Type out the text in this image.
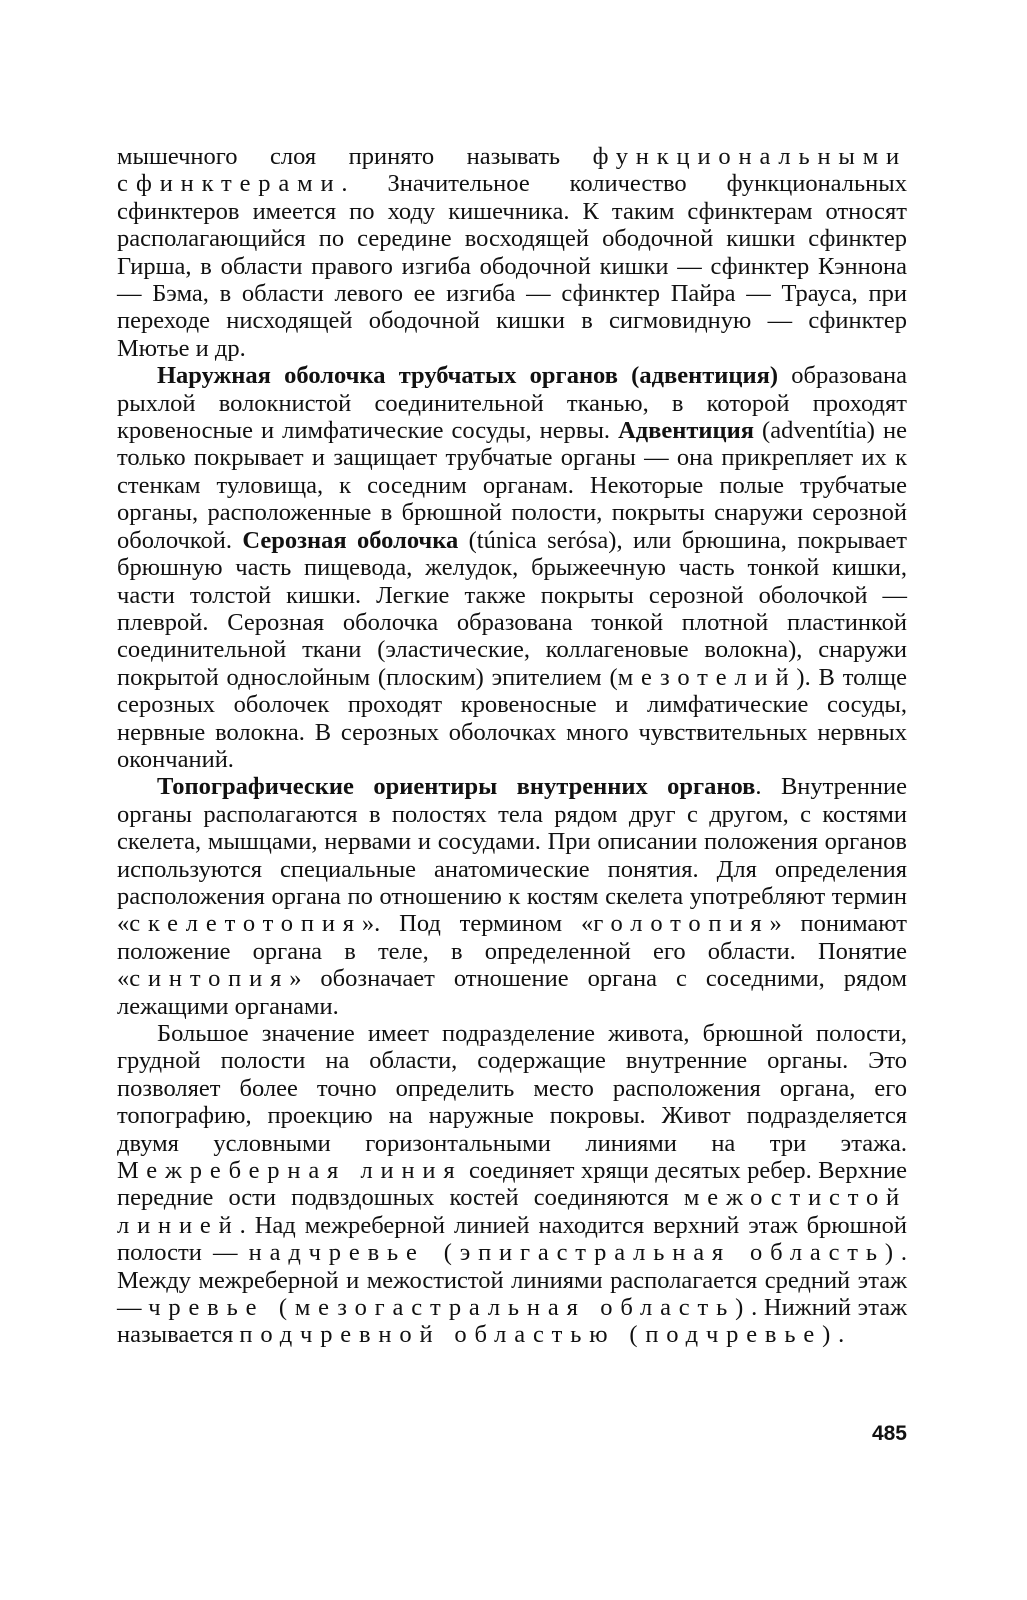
мышечного слоя принято называть функциональными сфинктерами. Значительное количество функциональных сфинктеров имеется по ходу кишечника. К таким сфинктерам относят располагающийся по середине восходящей ободочной кишки сфинктер Гирша, в области правого изгиба ободочной кишки — сфинктер Кэннона — Бэма, в области левого ее изгиба — сфинктер Пайра — Трауса, при переходе нисходящей ободочной кишки в сигмовидную — сфинктер Мютье и др.

Наружная оболочка трубчатых органов (адвентиция) образована рыхлой волокнистой соединительной тканью, в которой проходят кровеносные и лимфатические сосуды, нервы. Адвентиция (adventítia) не только покрывает и защищает трубчатые органы — она прикрепляет их к стенкам туловища, к соседним органам. Некоторые полые трубчатые органы, расположенные в брюшной полости, покрыты снаружи серозной оболочкой. Серозная оболочка (túnica serósa), или брюшина, покрывает брюшную часть пищевода, желудок, брыжеечную часть тонкой кишки, части толстой кишки. Легкие также покрыты серозной оболочкой — плеврой. Серозная оболочка образована тонкой плотной пластинкой соединительной ткани (эластические, коллагеновые волокна), снаружи покрытой однослойным (плоским) эпителием (мезотелий). В толще серозных оболочек проходят кровеносные и лимфатические сосуды, нервные волокна. В серозных оболочках много чувствительных нервных окончаний.

Топографические ориентиры внутренних органов. Внутренние органы располагаются в полостях тела рядом друг с другом, с костями скелета, мышцами, нервами и сосудами. При описании положения органов используются специальные анатомические понятия. Для определения расположения органа по отношению к костям скелета употребляют термин «скелетотопия». Под термином «голотопия» понимают положение органа в теле, в определенной его области. Понятие «синтопия» обозначает отношение органа с соседними, рядом лежащими органами.

Большое значение имеет подразделение живота, брюшной полости, грудной полости на области, содержащие внутренние органы. Это позволяет более точно определить место расположения органа, его топографию, проекцию на наружные покровы. Живот подразделяется двумя условными горизонтальными линиями на три этажа. Межреберная линия соединяет хрящи десятых ребер. Верхние передние ости подвздошных костей соединяются межостистой линией. Над межреберной линией находится верхний этаж брюшной полости — надчревье (эпигастральная область). Между межреберной и межостистой линиями располагается средний этаж — чревье (мезогастральная область). Нижний этаж называется подчревной областью (подчревье).

485
